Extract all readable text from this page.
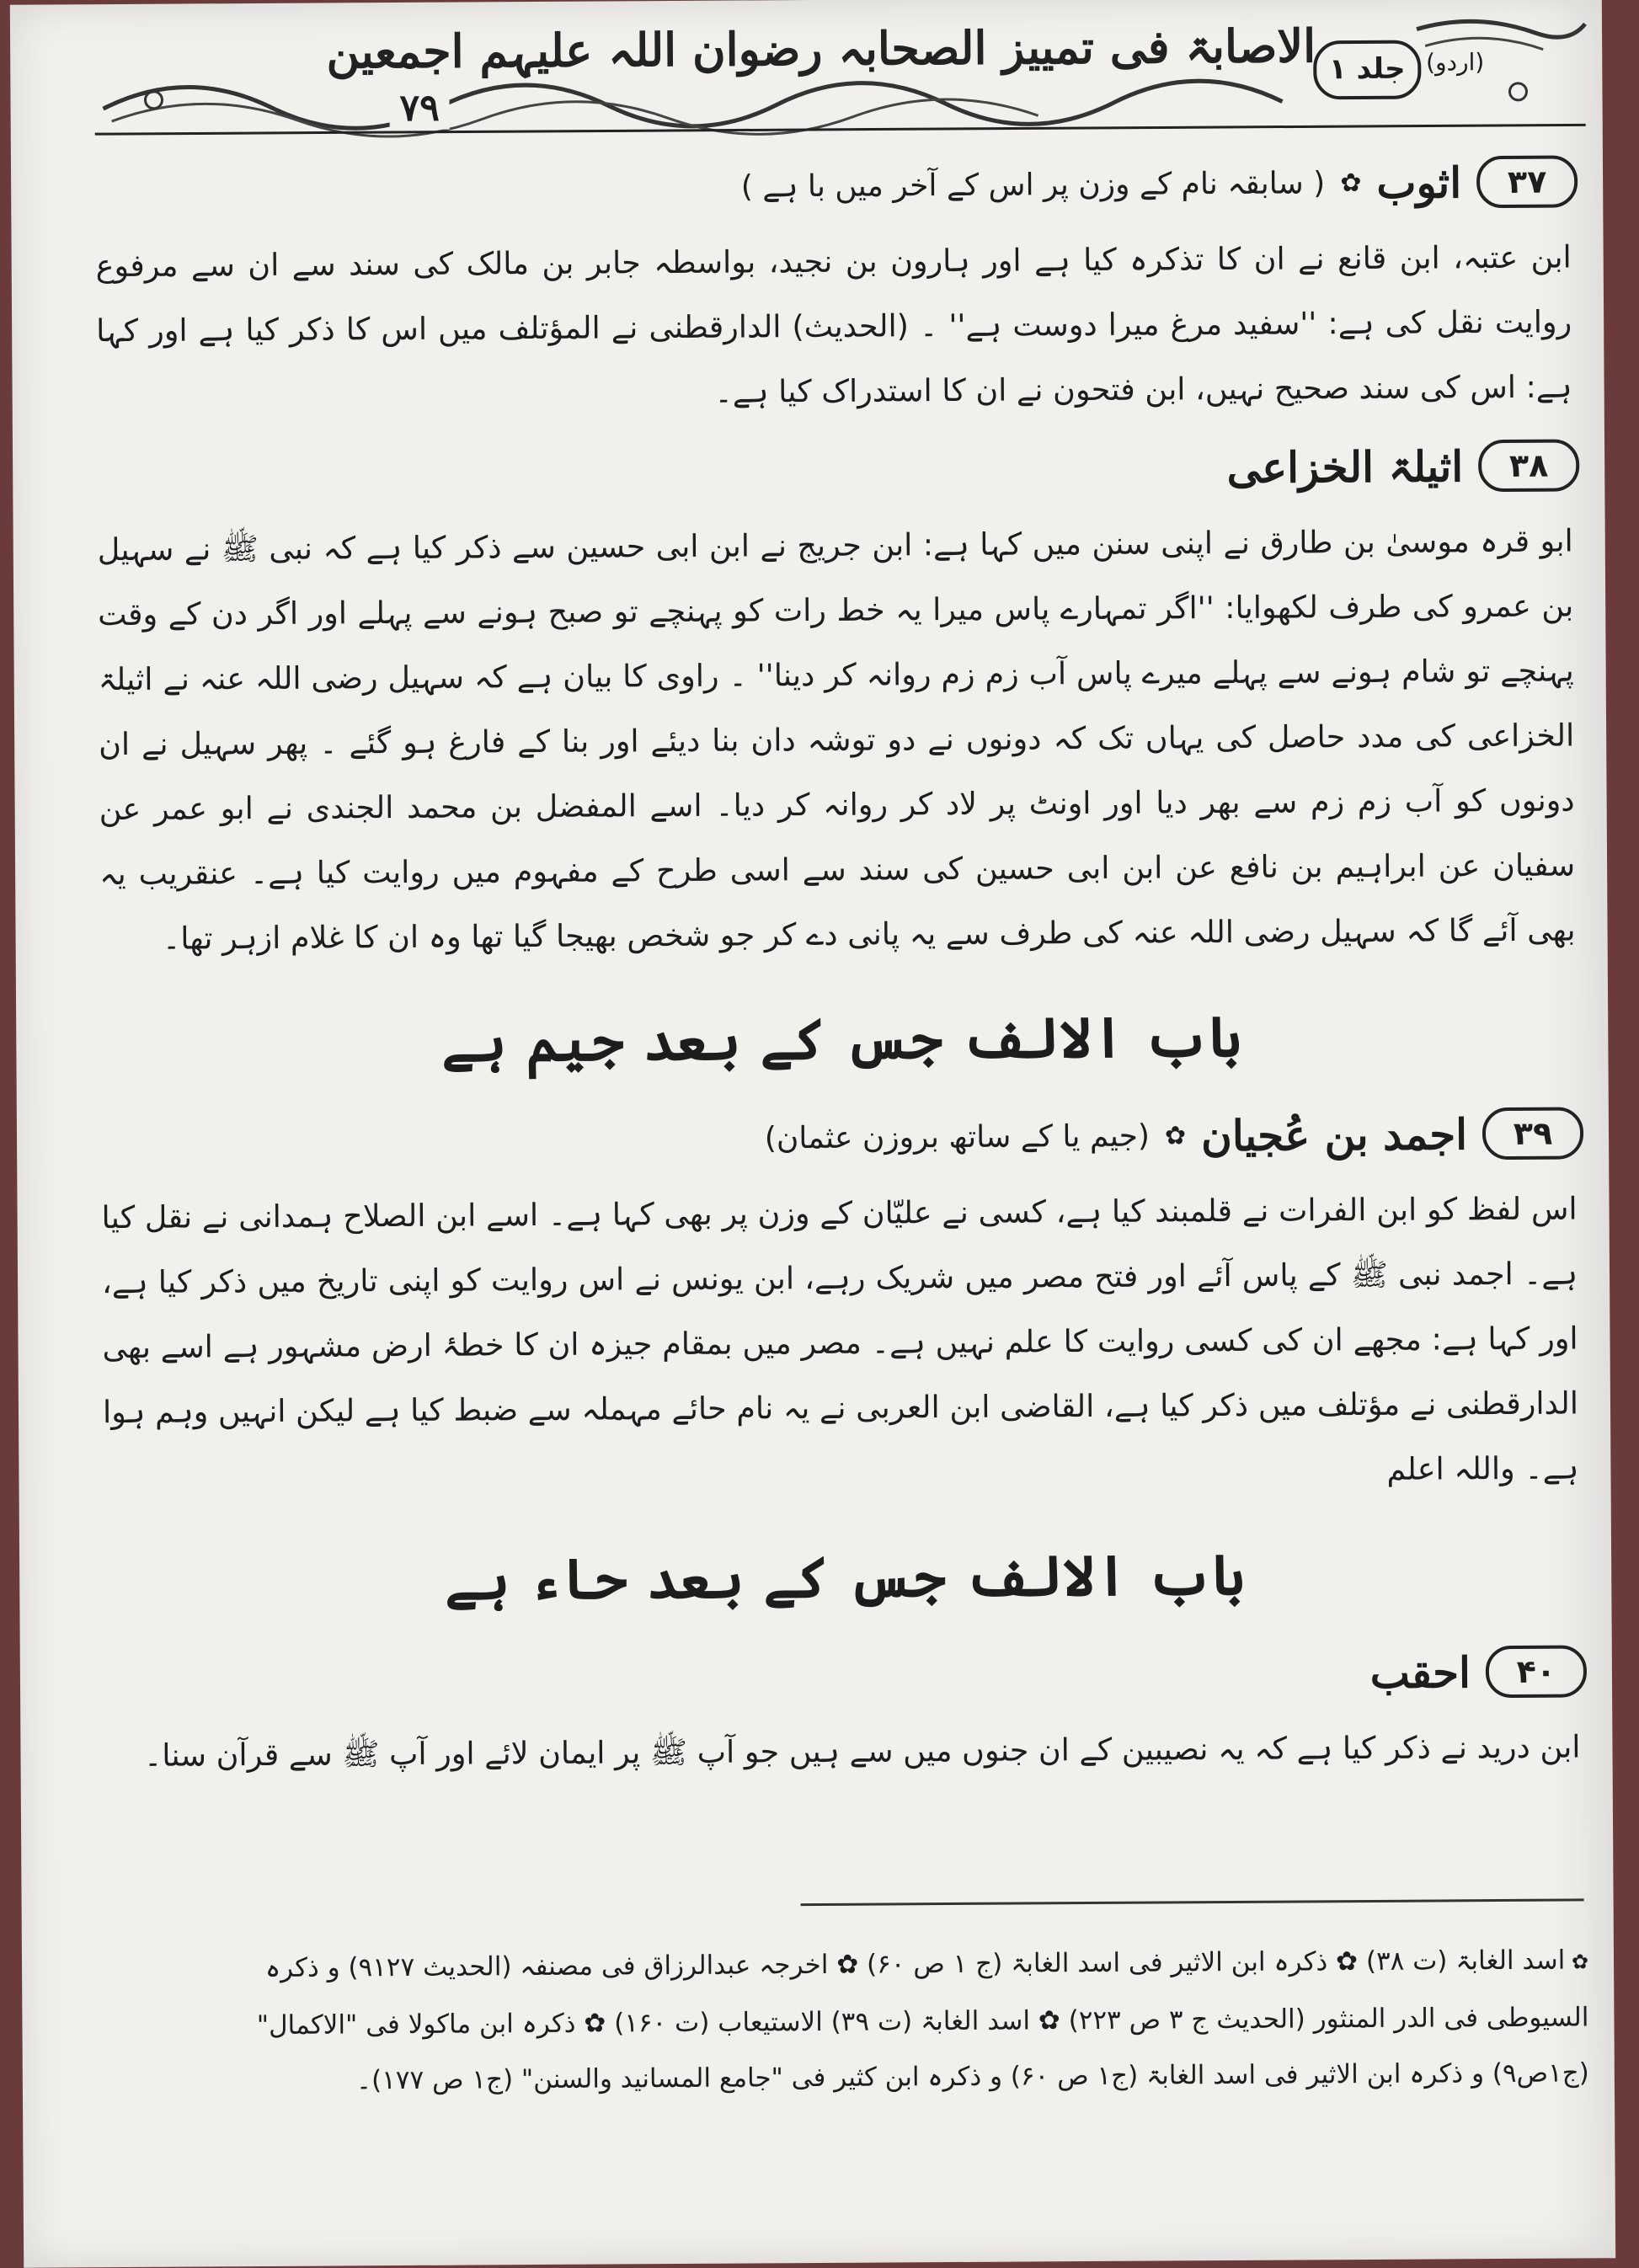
الاصابۃ فی تمییز الصحابہ رضوان اللہ علیہم اجمعین جلد ۱ (اردو)
۷۹
۳۷
اثوب
✿
( سابقہ نام کے وزن پر اس کے آخر میں با ہے )

ابن عتبہ، ابن قانع نے ان کا تذکرہ کیا ہے اور ہارون بن نجید، بواسطہ جابر بن مالک کی سند سے ان سے مرفوع روایت نقل کی ہے: ''سفید مرغ میرا دوست ہے'' ۔ (الحدیث) الدارقطنی نے المؤتلف میں اس کا ذکر کیا ہے اور کہا ہے: اس کی سند صحیح نہیں، ابن فتحون نے ان کا استدراک کیا ہے۔

۳۸
اثیلۃ الخزاعی

ابو قرہ موسیٰ بن طارق نے اپنی سنن میں کہا ہے: ابن جریج نے ابن ابی حسین سے ذکر کیا ہے کہ نبی ﷺ نے سہیل بن عمرو کی طرف لکھوایا: ''اگر تمہارے پاس میرا یہ خط رات کو پہنچے تو صبح ہونے سے پہلے اور اگر دن کے وقت پہنچے تو شام ہونے سے پہلے میرے پاس آب زم زم روانہ کر دینا'' ۔ راوی کا بیان ہے کہ سہیل رضی اللہ عنہ نے اثیلۃ الخزاعی کی مدد حاصل کی یہاں تک کہ دونوں نے دو توشہ دان بنا دیئے اور بنا کے فارغ ہو گئے ۔ پھر سہیل نے ان دونوں کو آب زم زم سے بھر دیا اور اونٹ پر لاد کر روانہ کر دیا۔ اسے المفضل بن محمد الجندی نے ابو عمر عن سفیان عن ابراہیم بن نافع عن ابن ابی حسین کی سند سے اسی طرح کے مفہوم میں روایت کیا ہے۔ عنقریب یہ بھی آئے گا کہ سہیل رضی اللہ عنہ کی طرف سے یہ پانی دے کر جو شخص بھیجا گیا تھا وہ ان کا غلام ازہر تھا۔

باب الالف جس کے بعد جیم ہے
۳۹
اجمد بن عُجیان
✿
(جیم یا کے ساتھ بروزن عثمان)

اس لفظ کو ابن الفرات نے قلمبند کیا ہے، کسی نے علیّان کے وزن پر بھی کہا ہے۔ اسے ابن الصلاح ہمدانی نے نقل کیا ہے۔ اجمد نبی ﷺ کے پاس آئے اور فتح مصر میں شریک رہے، ابن یونس نے اس روایت کو اپنی تاریخ میں ذکر کیا ہے، اور کہا ہے: مجھے ان کی کسی روایت کا علم نہیں ہے۔ مصر میں بمقام جیزہ ان کا خطۂ ارض مشہور ہے اسے بھی الدارقطنی نے مؤتلف میں ذکر کیا ہے، القاضی ابن العربی نے یہ نام حائے مہملہ سے ضبط کیا ہے لیکن انہیں وہم ہوا ہے۔ واللہ اعلم

باب الالف جس کے بعد حاء ہے
۴۰
احقب

ابن درید نے ذکر کیا ہے کہ یہ نصیبین کے ان جنوں میں سے ہیں جو آپ ﷺ پر ایمان لائے اور آپ ﷺ سے قرآن سنا۔

✿ اسد الغابۃ (ت ۳۸) ✿ ذکرہ ابن الاثیر فی اسد الغابۃ (ج ۱ ص ۶۰) ✿ اخرجہ عبدالرزاق فی مصنفہ (الحدیث ۹۱۲۷) و ذکرہ
السیوطی فی الدر المنثور (الحدیث ج ۳ ص ۲۲۳) ✿ اسد الغابۃ (ت ۳۹) الاستیعاب (ت ۱۶۰) ✿ ذکرہ ابن ماکولا فی "الاکمال"
(ج۱ص۹) و ذکرہ ابن الاثیر فی اسد الغابۃ (ج۱ ص ۶۰) و ذکرہ ابن کثیر فی "جامع المسانید والسنن" (ج۱ ص ۱۷۷)۔
